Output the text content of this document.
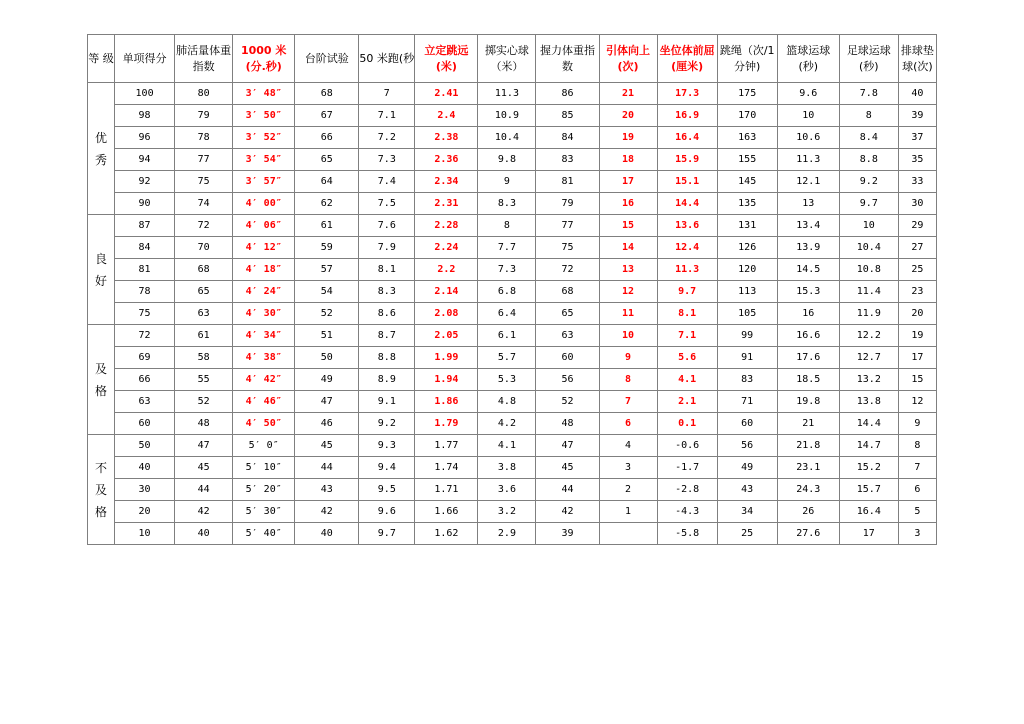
等 级	单项得分	肺活量体重指数	1000 米 (分.秒)	台阶试验	50 米跑(秒	立定跳远(米)	掷实心球（米）	握力体重指数	引体向上(次)	坐位体前屈(厘米)	跳绳（次/1分钟)	篮球运球(秒)	足球运球(秒)	排球垫球(次)

优
秀	100	80	3′ 48″	68	7	2.41	11.3	86	21	17.3	175	9.6	7.8	40
	98	79	3′ 50″	67	7.1	2.4	10.9	85	20	16.9	170	10	8	39
	96	78	3′ 52″	66	7.2	2.38	10.4	84	19	16.4	163	10.6	8.4	37
	94	77	3′ 54″	65	7.3	2.36	9.8	83	18	15.9	155	11.3	8.8	35
	92	75	3′ 57″	64	7.4	2.34	9	81	17	15.1	145	12.1	9.2	33
	90	74	4′ 00″	62	7.5	2.31	8.3	79	16	14.4	135	13	9.7	30

良
好	87	72	4′ 06″	61	7.6	2.28	8	77	15	13.6	131	13.4	10	29
	84	70	4′ 12″	59	7.9	2.24	7.7	75	14	12.4	126	13.9	10.4	27
	81	68	4′ 18″	57	8.1	2.2	7.3	72	13	11.3	120	14.5	10.8	25
	78	65	4′ 24″	54	8.3	2.14	6.8	68	12	9.7	113	15.3	11.4	23
	75	63	4′ 30″	52	8.6	2.08	6.4	65	11	8.1	105	16	11.9	20

及
格	72	61	4′ 34″	51	8.7	2.05	6.1	63	10	7.1	99	16.6	12.2	19
	69	58	4′ 38″	50	8.8	1.99	5.7	60	9	5.6	91	17.6	12.7	17
	66	55	4′ 42″	49	8.9	1.94	5.3	56	8	4.1	83	18.5	13.2	15
	63	52	4′ 46″	47	9.1	1.86	4.8	52	7	2.1	71	19.8	13.8	12
	60	48	4′ 50″	46	9.2	1.79	4.2	48	6	0.1	60	21	14.4	9

不
及
格	50	47	5′ 0″	45	9.3	1.77	4.1	47	4	-0.6	56	21.8	14.7	8
	40	45	5′ 10″	44	9.4	1.74	3.8	45	3	-1.7	49	23.1	15.2	7
	30	44	5′ 20″	43	9.5	1.71	3.6	44	2	-2.8	43	24.3	15.7	6
	20	42	5′ 30″	42	9.6	1.66	3.2	42	1	-4.3	34	26	16.4	5
	10	40	5′ 40″	40	9.7	1.62	2.9	39		-5.8	25	27.6	17	3
